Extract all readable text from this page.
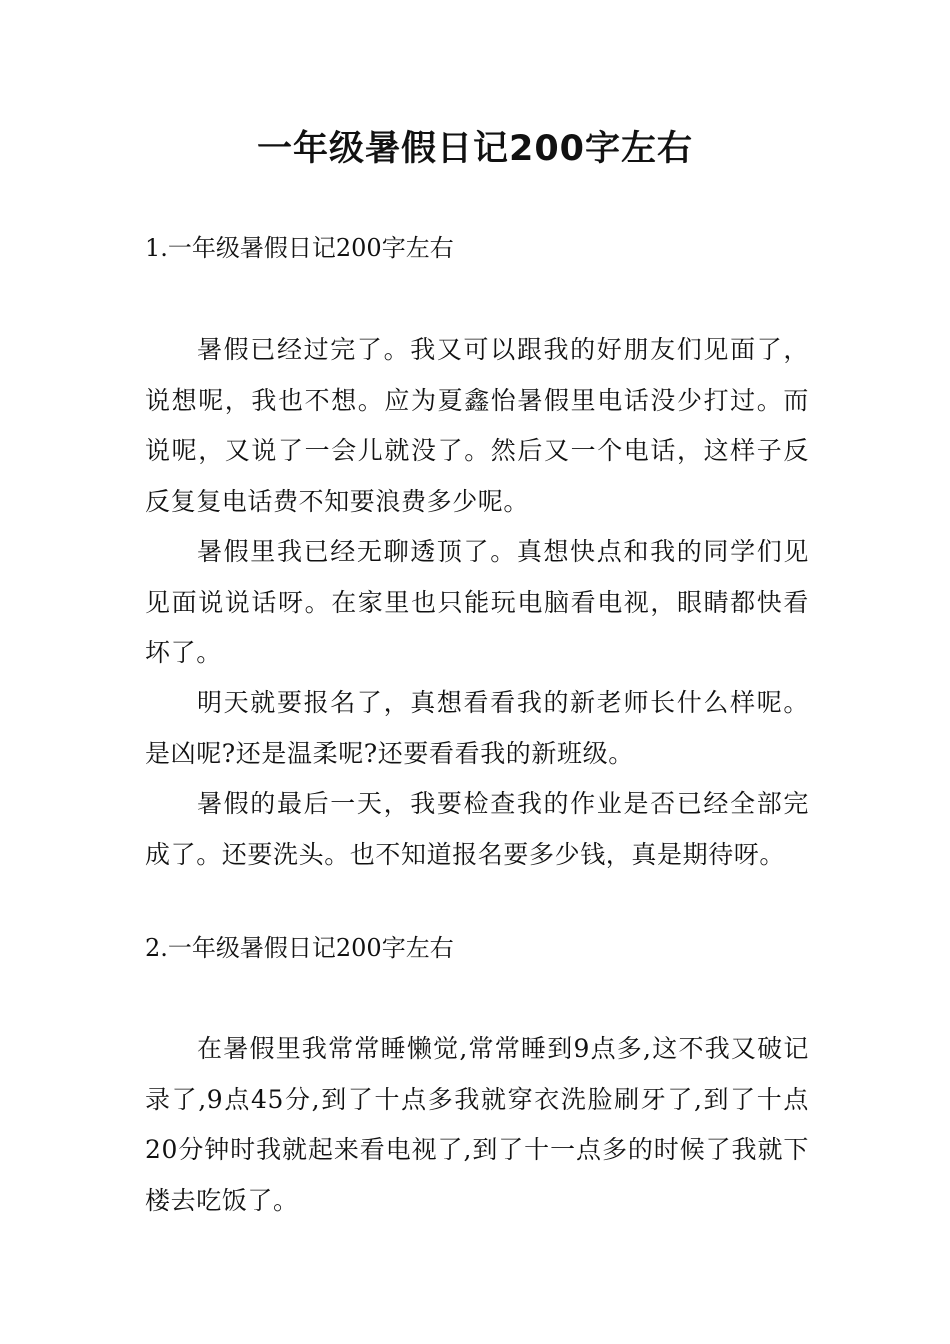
一年级暑假日记200字左右
1.一年级暑假日记200字左右

暑假已经过完了。我又可以跟我的好朋友们见面了，说想呢，我也不想。应为夏鑫怡暑假里电话没少打过。而说呢，又说了一会儿就没了。然后又一个电话，这样子反反复复电话费不知要浪费多少呢。

暑假里我已经无聊透顶了。真想快点和我的同学们见见面说说话呀。在家里也只能玩电脑看电视，眼睛都快看坏了。

明天就要报名了，真想看看我的新老师长什么样呢。是凶呢?还是温柔呢?还要看看我的新班级。

暑假的最后一天，我要检查我的作业是否已经全部完成了。还要洗头。也不知道报名要多少钱，真是期待呀。

2.一年级暑假日记200字左右

在暑假里我常常睡懒觉,常常睡到9点多,这不我又破记录了,9点45分,到了十点多我就穿衣洗脸刷牙了,到了十点20分钟时我就起来看电视了,到了十一点多的时候了我就下楼去吃饭了。
